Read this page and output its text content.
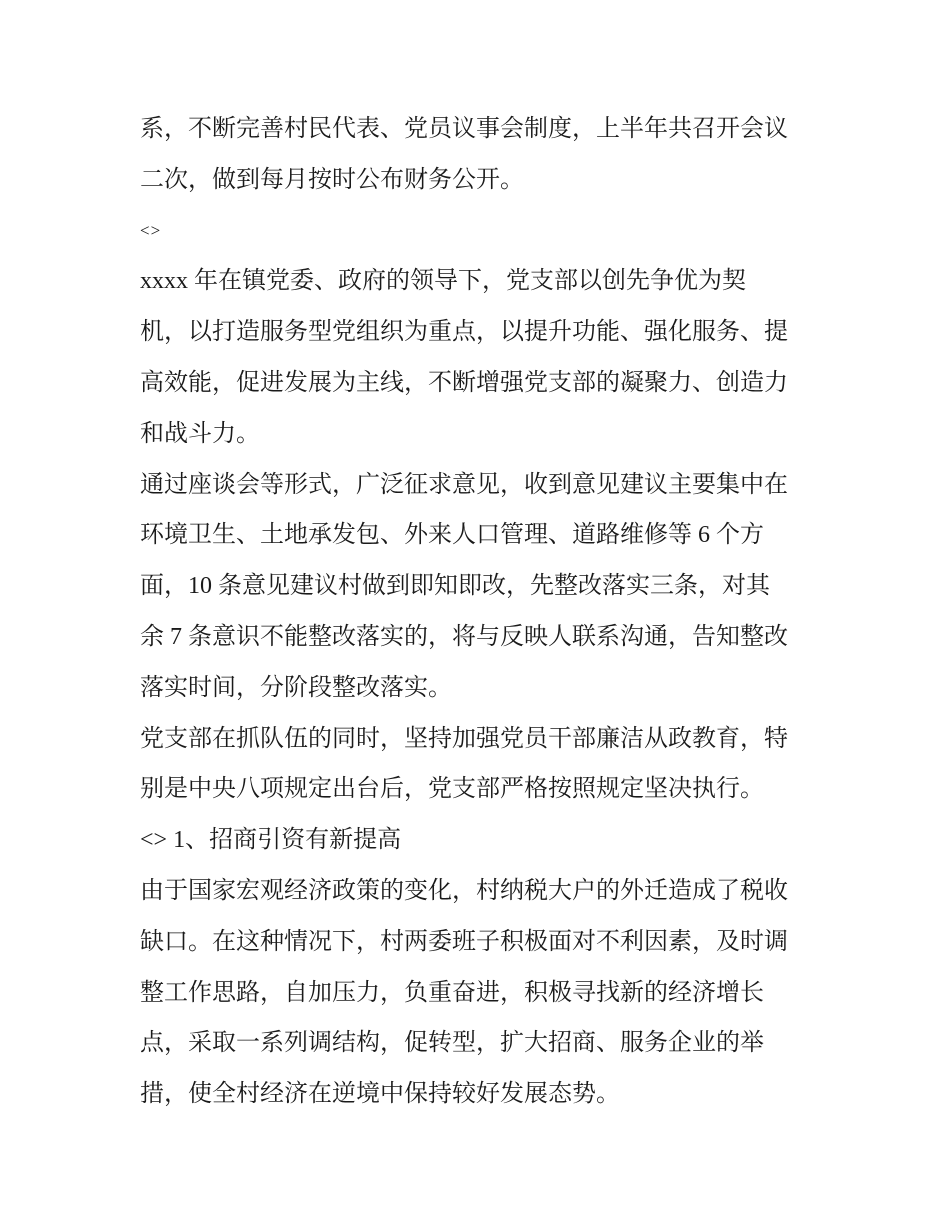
系，不断完善村民代表、党员议事会制度，上半年共召开会议
二次，做到每月按时公布财务公开。
<>
xxxx 年在镇党委、政府的领导下，党支部以创先争优为契
机，以打造服务型党组织为重点，以提升功能、强化服务、提
高效能，促进发展为主线，不断增强党支部的凝聚力、创造力
和战斗力。
通过座谈会等形式，广泛征求意见，收到意见建议主要集中在
环境卫生、土地承发包、外来人口管理、道路维修等 6 个方
面，10 条意见建议村做到即知即改，先整改落实三条，对其
余 7 条意识不能整改落实的，将与反映人联系沟通，告知整改
落实时间，分阶段整改落实。
党支部在抓队伍的同时，坚持加强党员干部廉洁从政教育，特
别是中央八项规定出台后，党支部严格按照规定坚决执行。
<> 1、招商引资有新提高
由于国家宏观经济政策的变化，村纳税大户的外迁造成了税收
缺口。在这种情况下，村两委班子积极面对不利因素，及时调
整工作思路，自加压力，负重奋进，积极寻找新的经济增长
点，采取一系列调结构，促转型，扩大招商、服务企业的举
措，使全村经济在逆境中保持较好发展态势。
